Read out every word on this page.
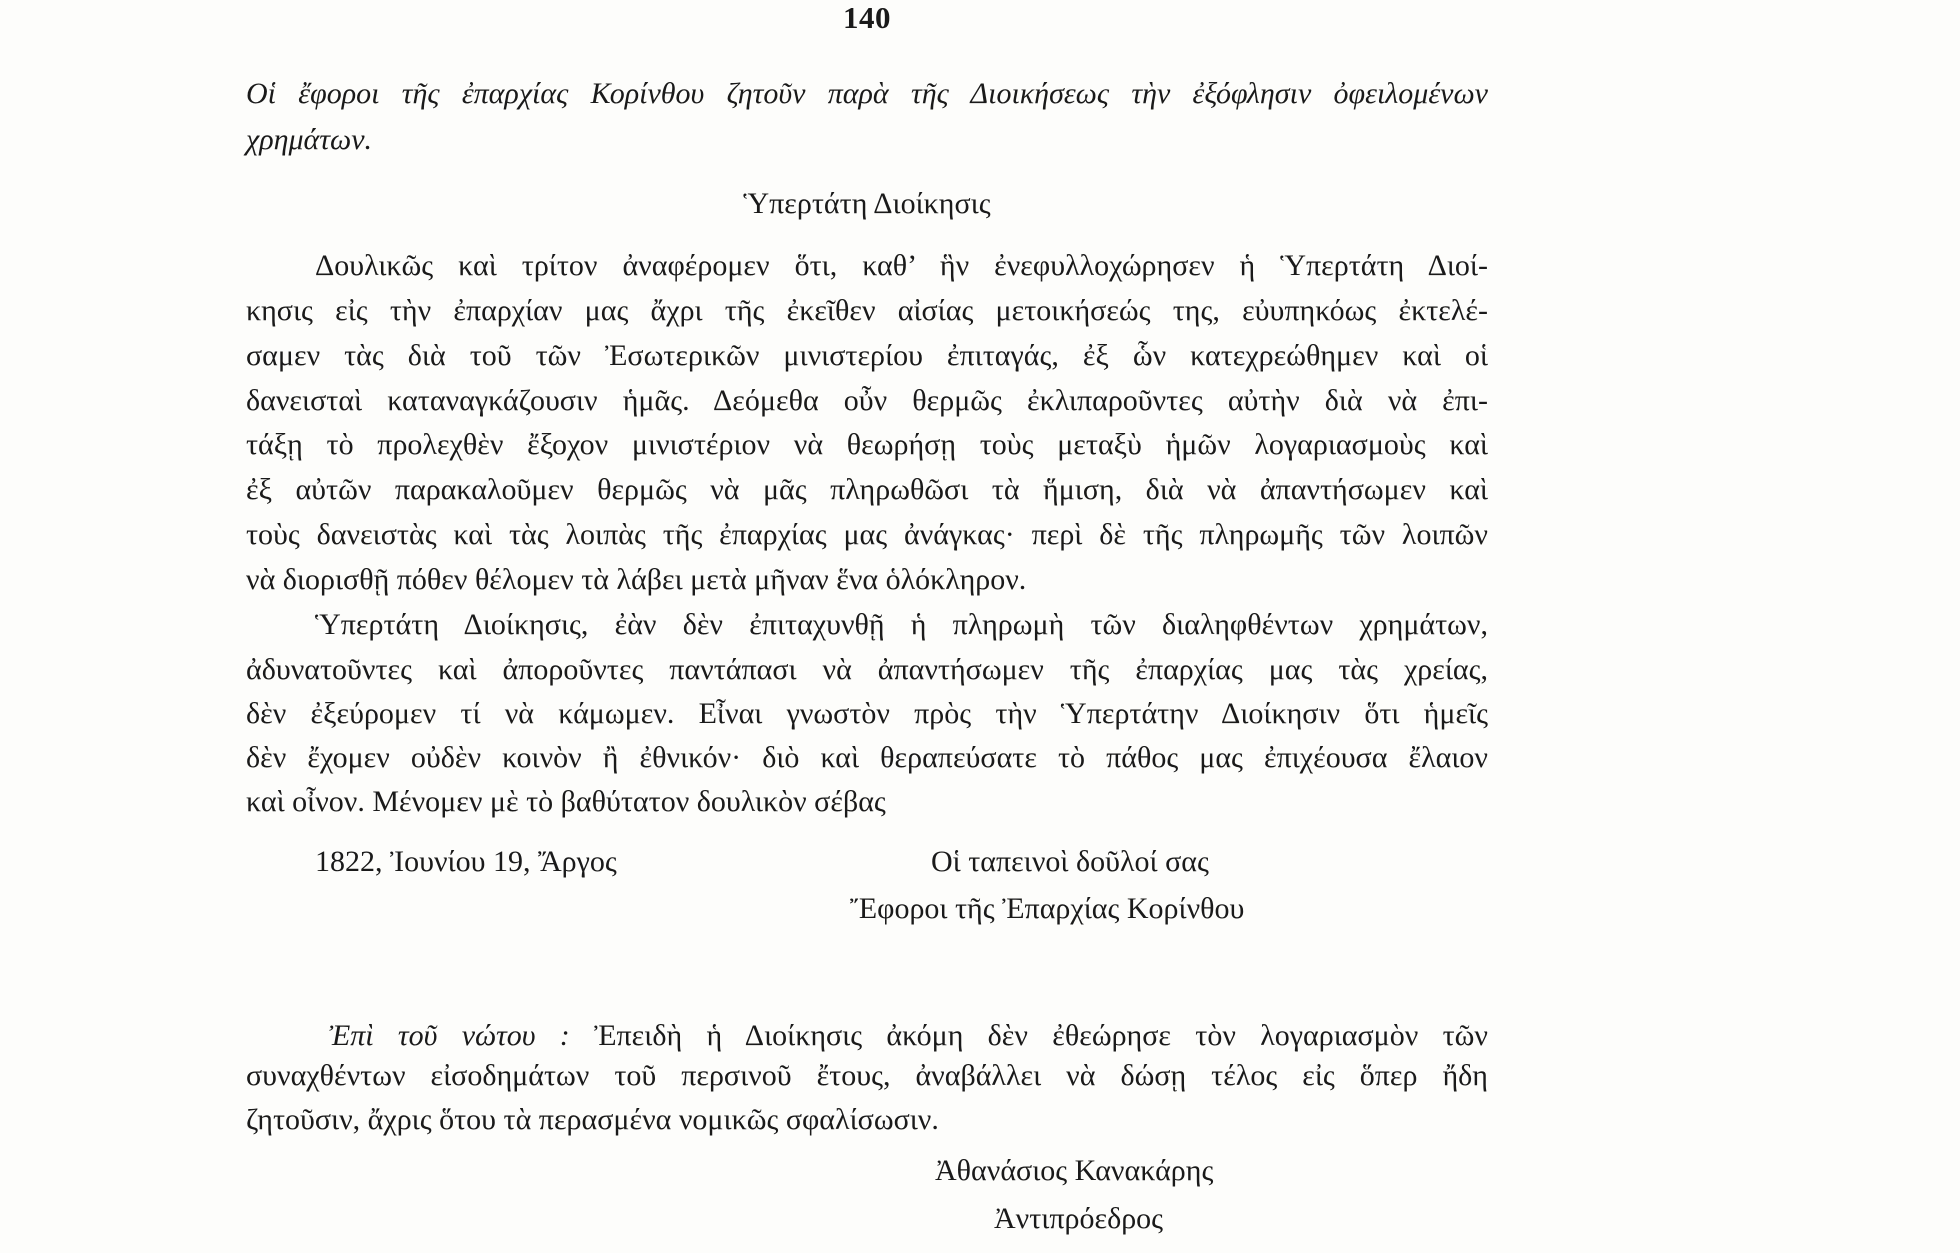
140
Οἱ ἔφοροι τῆς ἐπαρχίας Κορίνθου ζητοῦν παρὰ τῆς Διοικήσεως τὴν ἐξόφλησιν ὀφειλομένων
χρημάτων.
Ὑπερτάτη Διοίκησις
Δουλικῶς καὶ τρίτον ἀναφέρομεν ὅτι, καθ’ ἣν ἐνεφυλλοχώρησεν ἡ Ὑπερτάτη Διοί-
κησις εἰς τὴν ἐπαρχίαν μας ἄχρι τῆς ἐκεῖθεν αἰσίας μετοικήσεώς της, εὐυπηκόως ἐκτελέ-
σαμεν τὰς διὰ τοῦ τῶν Ἐσωτερικῶν μινιστερίου ἐπιταγάς, ἐξ ὧν κατεχρεώθημεν καὶ οἱ
δανεισταὶ καταναγκάζουσιν ἡμᾶς. Δεόμεθα οὖν θερμῶς ἐκλιπαροῦντες αὐτὴν διὰ νὰ ἐπι-
τάξῃ τὸ προλεχθὲν ἔξοχον μινιστέριον νὰ θεωρήσῃ τοὺς μεταξὺ ἡμῶν λογαριασμοὺς καὶ
ἐξ αὐτῶν παρακαλοῦμεν θερμῶς νὰ μᾶς πληρωθῶσι τὰ ἥμιση, διὰ νὰ ἀπαντήσωμεν καὶ
τοὺς δανειστὰς καὶ τὰς λοιπὰς τῆς ἐπαρχίας μας ἀνάγκας· περὶ δὲ τῆς πληρωμῆς τῶν λοιπῶν
νὰ διορισθῇ πόθεν θέλομεν τὰ λάβει μετὰ μῆναν ἕνα ὁλόκληρον.
Ὑπερτάτη Διοίκησις, ἐὰν δὲν ἐπιταχυνθῇ ἡ πληρωμὴ τῶν διαληφθέντων χρημάτων,
ἀδυνατοῦντες καὶ ἀποροῦντες παντάπασι νὰ ἀπαντήσωμεν τῆς ἐπαρχίας μας τὰς χρείας,
δὲν ἐξεύρομεν τί νὰ κάμωμεν. Εἶναι γνωστὸν πρὸς τὴν Ὑπερτάτην Διοίκησιν ὅτι ἡμεῖς
δὲν ἔχομεν οὐδὲν κοινὸν ἢ ἐθνικόν· διὸ καὶ θεραπεύσατε τὸ πάθος μας ἐπιχέουσα ἔλαιον
καὶ οἶνον. Μένομεν μὲ τὸ βαθύτατον δουλικὸν σέβας
1822, Ἰουνίου 19, Ἄργος	Οἱ ταπεινοὶ δοῦλοί σας
Ἔφοροι τῆς Ἐπαρχίας Κορίνθου
Ἐπὶ τοῦ νώτου : Ἐπειδὴ ἡ Διοίκησις ἀκόμη δὲν ἐθεώρησε τὸν λογαριασμὸν τῶν
συναχθέντων εἰσοδημάτων τοῦ περσινοῦ ἔτους, ἀναβάλλει νὰ δώσῃ τέλος εἰς ὅπερ ἤδη
ζητοῦσιν, ἄχρις ὅτου τὰ περασμένα νομικῶς σφαλίσωσιν.
Ἀθανάσιος Κανακάρης
Ἀντιπρόεδρος
